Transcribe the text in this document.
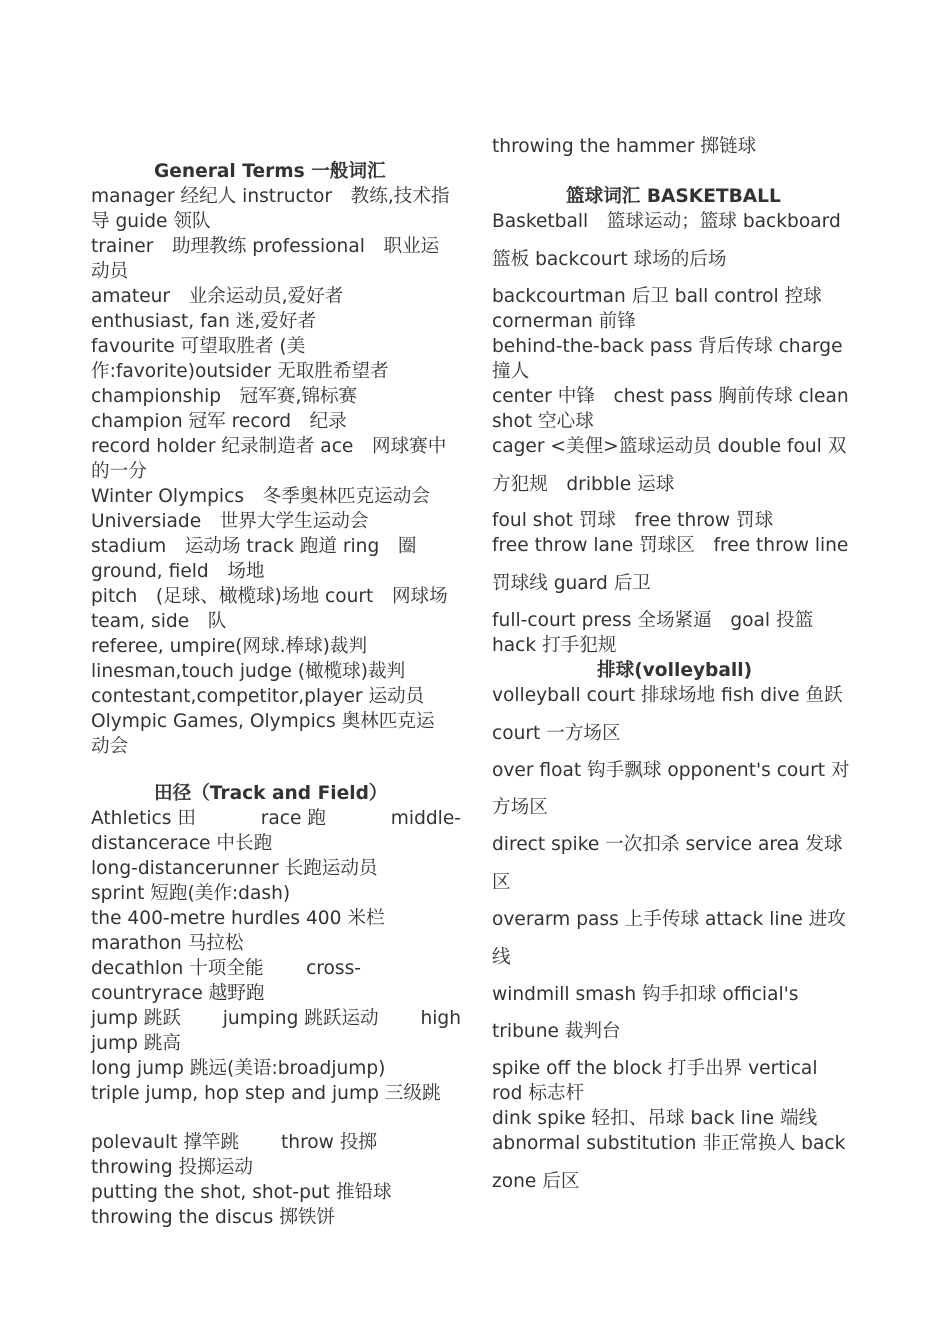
General Terms 一般词汇
manager 经纪人 instructor　教练,技术指
导 guide 领队
trainer　助理教练 professional　职业运
动员
amateur　业余运动员,爱好者
enthusiast, fan 迷,爱好者
favourite 可望取胜者 (美
作:favorite)outsider 无取胜希望者
championship　冠军赛,锦标赛
champion 冠军 record　纪录
record holder 纪录制造者 ace　网球赛中
的一分
Winter Olympics　冬季奥林匹克运动会
Universiade　世界大学生运动会
stadium　运动场 track 跑道 ring　圈
ground, field　场地
pitch　(足球、橄榄球)场地 court　网球场
team, side　队
referee, umpire(网球.棒球)裁判
linesman,touch judge (橄榄球)裁判
contestant,competitor,player 运动员
Olympic Games, Olympics 奥林匹克运
动会
田径（Track and Field）
Athletics 田	race 跑	middle-
distancerace 中长跑
long-distancerunner 长跑运动员
sprint 短跑(美作:dash)
the 400-metre hurdles 400 米栏
marathon 马拉松
decathlon 十项全能 cross-
countryrace 越野跑
jump 跳跃 jumping 跳跃运动 high
jump 跳高
long jump 跳远(美语:broadjump)
triple jump, hop step and jump 三级跳
polevault 撑竿跳 throw 投掷
throwing 投掷运动
putting the shot, shot-put 推铅球
throwing the discus 掷铁饼
throwing the hammer 掷链球
篮球词汇 BASKETBALL
Basketball　篮球运动；篮球 backboard
篮板 backcourt 球场的后场
backcourtman 后卫 ball control 控球
cornerman 前锋
behind-the-back pass 背后传球 charge
撞人
center 中锋　chest pass 胸前传球 clean
shot 空心球
cager <美俚>篮球运动员 double foul 双
方犯规　dribble 运球
foul shot 罚球　free throw 罚球
free throw lane 罚球区　free throw line
罚球线 guard 后卫
full-court press 全场紧逼　goal 投篮
hack 打手犯规
排球(volleyball)
volleyball court 排球场地 fish dive 鱼跃
court 一方场区
over float 钩手飘球 opponent's court 对
方场区
direct spike 一次扣杀 service area 发球
区
overarm pass 上手传球 attack line 进攻
线
windmill smash 钩手扣球 official's
tribune 裁判台
spike off the block 打手出界 vertical
rod 标志杆
dink spike 轻扣、吊球 back line 端线
abnormal substitution 非正常换人 back
zone 后区
